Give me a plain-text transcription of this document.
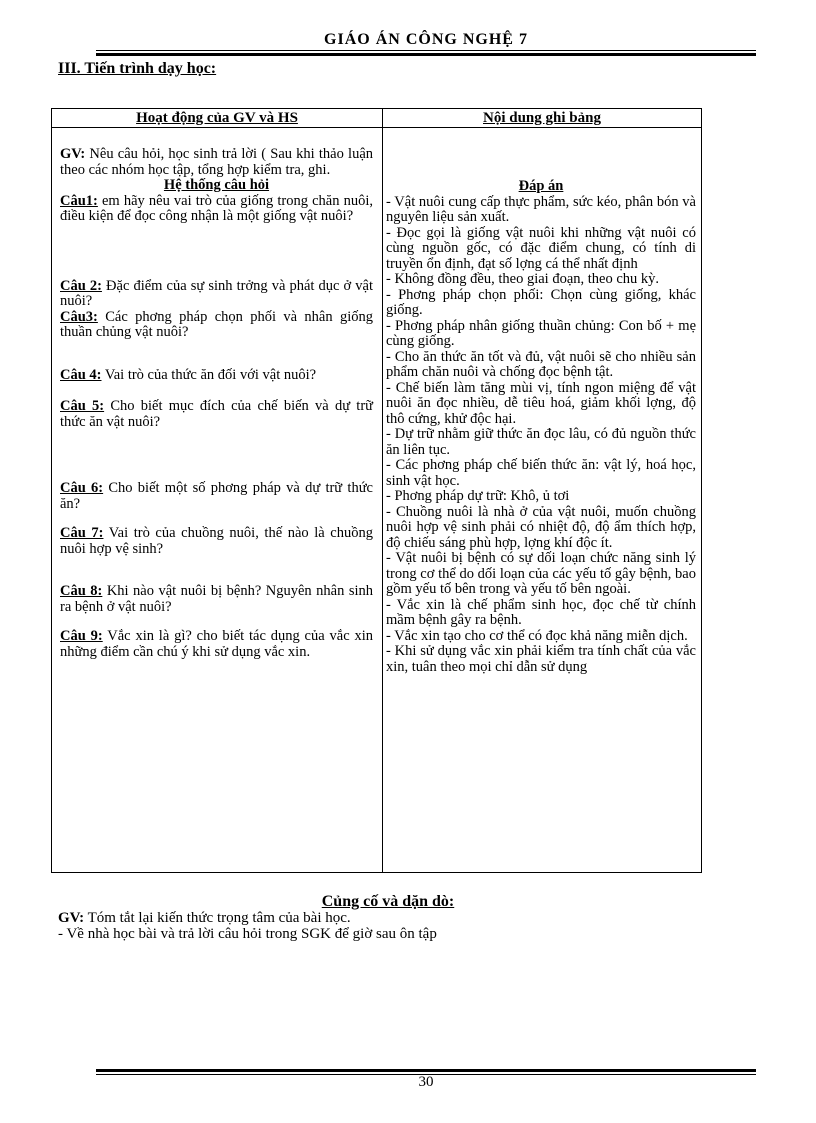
GIÁO ÁN CÔNG NGHỆ 7
III. Tiến trình dạy học:
Hoạt động của GV và HS	Nội dung ghi bảng

GV: Nêu câu hỏi, học sinh trả lời ( Sau khi thảo luận theo các nhóm học tập, tổng hợp kiểm tra, ghi.

Hệ thống câu hỏi

Câu1: em hãy nêu vai trò của giống trong chăn nuôi, điều kiện để đọc công nhận là một giống vật nuôi?

Câu 2: Đặc điểm của sự sinh trởng và phát dục ở vật nuôi?

Câu3: Các phơng pháp chọn phối và nhân giống thuần chủng vật nuôi?

Câu 4: Vai trò của thức ăn đối với vật nuôi?

Câu 5: Cho biết mục đích của chế biến và dự trữ thức ăn vật nuôi?

Câu 6: Cho biết một số phơng pháp và dự trữ thức ăn?

Câu 7: Vai trò của chuồng nuôi, thế nào là chuồng nuôi hợp vệ sinh?

Câu 8: Khi nào vật nuôi bị bệnh? Nguyên nhân sinh ra bệnh ở vật nuôi?

Câu 9: Vắc xin là gì? cho biết tác dụng của vắc xin những điểm cần chú ý khi sử dụng vắc xin.

Đáp án

- Vật nuôi cung cấp thực phẩm, sức kéo, phân bón và nguyên liệu sản xuất.

- Đọc gọi là giống vật nuôi khi những vật nuôi có cùng nguồn gốc, có đặc điểm chung, có tính di truyền ổn định, đạt số lợng cá thể nhất định

- Không đồng đều, theo giai đoạn, theo chu kỳ.

- Phơng pháp chọn phối: Chọn cùng giống, khác giống.

- Phơng pháp nhân giống thuần chủng: Con bố + mẹ cùng giống.

- Cho ăn thức ăn tốt và đủ, vật nuôi sẽ cho nhiều sản phẩm chăn nuôi và chống đọc bệnh tật.

- Chế biến làm tăng mùi vị, tính ngon miệng để vật nuôi ăn đọc nhiều, dễ tiêu hoá, giảm khối lợng, độ thô cứng, khử độc hại.

- Dự trữ nhằm giữ thức ăn đọc lâu, có đủ nguồn thức ăn liên tục.

- Các phơng pháp chế biến thức ăn: vật lý, hoá học, sinh vật học.

- Phơng pháp dự trữ: Khô, ủ tơi

- Chuồng nuôi là nhà ở của vật nuôi, muốn chuồng nuôi hợp vệ sinh phải có nhiệt độ, độ ẩm thích hợp, độ chiếu sáng phù hợp, lợng khí độc ít.

- Vật nuôi bị bệnh có sự dối loạn chức năng sinh lý trong cơ thể do dối loạn của các yếu tố gây bệnh, bao gồm yếu tố bên trong và yếu tố bên ngoài.

- Vắc xin là chế phẩm sinh học, đọc chế từ chính mầm bệnh gây ra bệnh.

- Vắc xin tạo cho cơ thể có đọc khả năng miễn dịch.

- Khi sử dụng vắc xin phải kiểm tra tính chất của vắc xin, tuân theo mọi chỉ dẫn sử dụng

Củng cố và dặn dò:

GV: Tóm tắt lại kiến thức trọng tâm của bài học.

- Về nhà học bài và trả lời câu hỏi trong SGK để giờ sau ôn tập

30
